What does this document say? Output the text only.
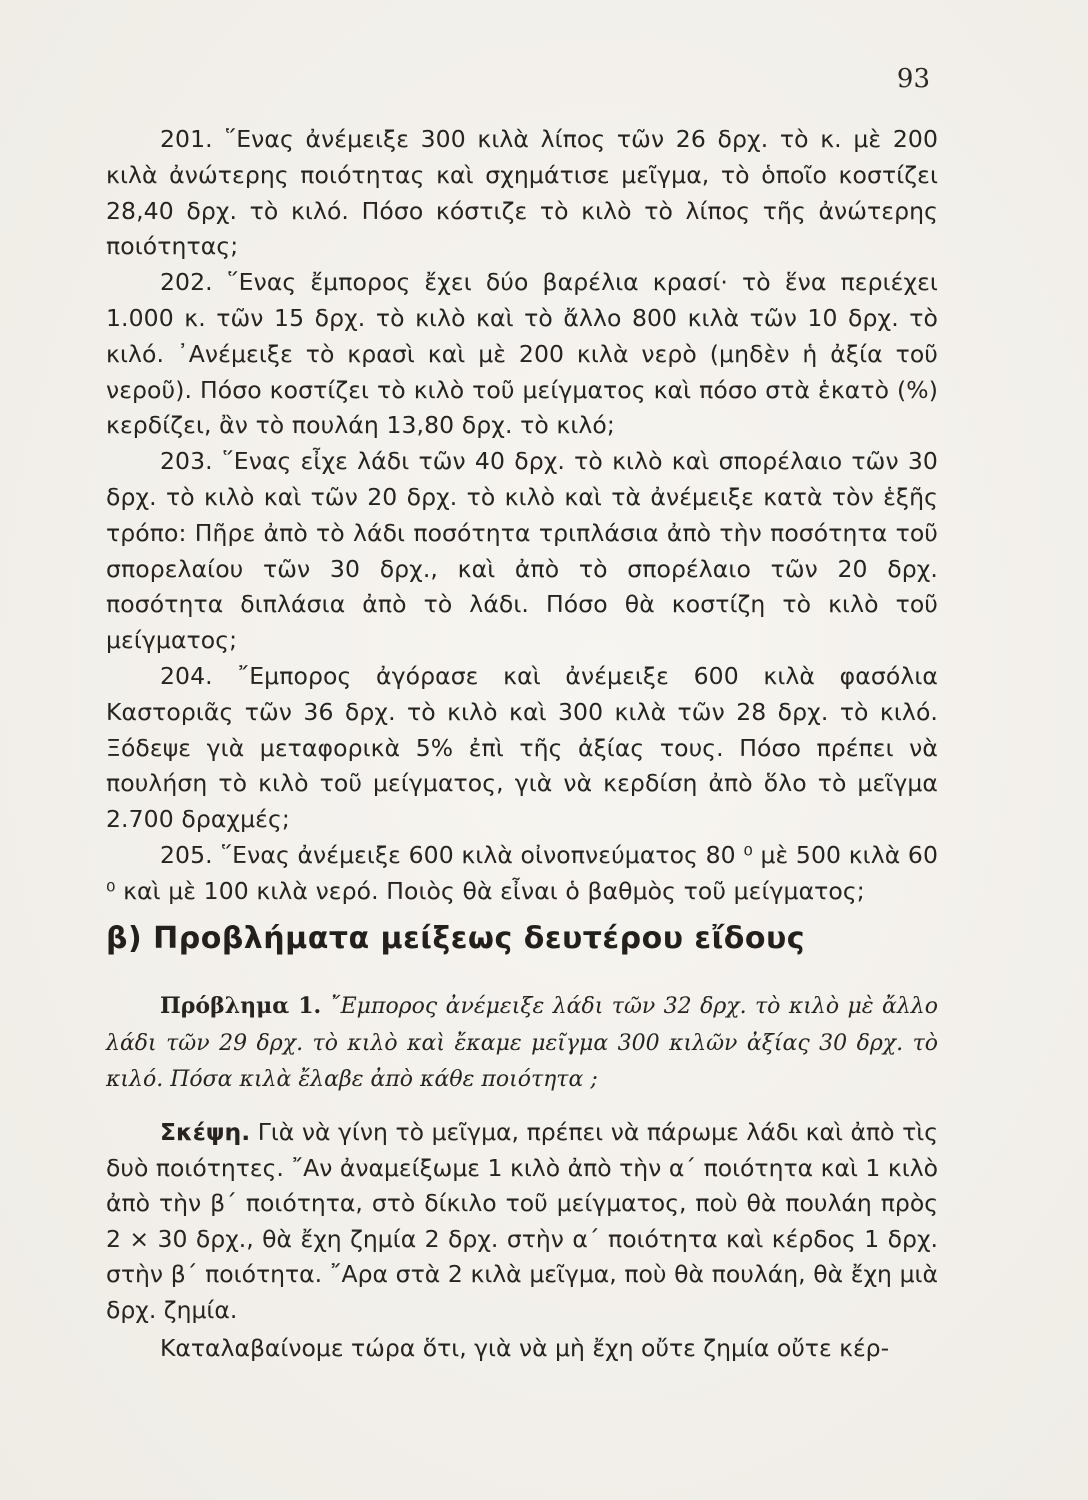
93

201. ῞Ενας ἀνέμειξε 300 κιλὰ λίπος τῶν 26 δρχ. τὸ κ. μὲ 200 κιλὰ ἀνώτερης ποιότητας καὶ σχημάτισε μεῖγμα, τὸ ὁποῖο κοστίζει 28,40 δρχ. τὸ κιλό. Πόσο κόστιζε τὸ κιλὸ τὸ λίπος τῆς ἀνώτερης ποιότητας;

202. ῞Ενας ἔμπορος ἔχει δύο βαρέλια κρασί· τὸ ἕνα περιέχει 1.000 κ. τῶν 15 δρχ. τὸ κιλὸ καὶ τὸ ἄλλο 800 κιλὰ τῶν 10 δρχ. τὸ κιλό. ᾿Ανέμειξε τὸ κρασὶ καὶ μὲ 200 κιλὰ νερὸ (μηδὲν ἡ ἀξία τοῦ νεροῦ). Πόσο κοστίζει τὸ κιλὸ τοῦ μείγματος καὶ πόσο στὰ ἑκατὸ (%) κερδίζει, ἂν τὸ πουλάη 13,80 δρχ. τὸ κιλό;

203. ῞Ενας εἶχε λάδι τῶν 40 δρχ. τὸ κιλὸ καὶ σπορέλαιο τῶν 30 δρχ. τὸ κιλὸ καὶ τῶν 20 δρχ. τὸ κιλὸ καὶ τὰ ἀνέμειξε κατὰ τὸν ἑξῆς τρόπο: Πῆρε ἀπὸ τὸ λάδι ποσότητα τριπλάσια ἀπὸ τὴν ποσότητα τοῦ σπορελαίου τῶν 30 δρχ., καὶ ἀπὸ τὸ σπορέλαιο τῶν 20 δρχ. ποσότητα διπλάσια ἀπὸ τὸ λάδι. Πόσο θὰ κοστίζη τὸ κιλὸ τοῦ μείγματος;

204. ῎Εμπορος ἀγόρασε καὶ ἀνέμειξε 600 κιλὰ φασόλια Καστοριᾶς τῶν 36 δρχ. τὸ κιλὸ καὶ 300 κιλὰ τῶν 28 δρχ. τὸ κιλό. Ξόδεψε γιὰ μεταφορικὰ 5% ἐπὶ τῆς ἀξίας τους. Πόσο πρέπει νὰ πουλήση τὸ κιλὸ τοῦ μείγματος, γιὰ νὰ κερδίση ἀπὸ ὅλο τὸ μεῖγμα 2.700 δραχμές;

205. ῞Ενας ἀνέμειξε 600 κιλὰ οἰνοπνεύματος 80 ⁰ μὲ 500 κιλὰ 60 ⁰ καὶ μὲ 100 κιλὰ νερό. Ποιὸς θὰ εἶναι ὁ βαθμὸς τοῦ μείγματος;

β) Προβλήματα μείξεως δευτέρου εἴδους

Πρόβλημα 1. ῎Εμπορος ἀνέμειξε λάδι τῶν 32 δρχ. τὸ κιλὸ μὲ ἄλλο λάδι τῶν 29 δρχ. τὸ κιλὸ καὶ ἔκαμε μεῖγμα 300 κιλῶν ἀξίας 30 δρχ. τὸ κιλό. Πόσα κιλὰ ἔλαβε ἀπὸ κάθε ποιότητα ;

Σκέψη. Γιὰ νὰ γίνη τὸ μεῖγμα, πρέπει νὰ πάρωμε λάδι καὶ ἀπὸ τὶς δυὸ ποιότητες. ῎Αν ἀναμείξωμε 1 κιλὸ ἀπὸ τὴν α΄ ποιότητα καὶ 1 κιλὸ ἀπὸ τὴν β΄ ποιότητα, στὸ δίκιλο τοῦ μείγματος, ποὺ θὰ πουλάη πρὸς 2 × 30 δρχ., θὰ ἔχη ζημία 2 δρχ. στὴν α΄ ποιότητα καὶ κέρδος 1 δρχ. στὴν β΄ ποιότητα. ῎Αρα στὰ 2 κιλὰ μεῖγμα, ποὺ θὰ πουλάη, θὰ ἔχη μιὰ δρχ. ζημία.

Καταλαβαίνομε τώρα ὅτι, γιὰ νὰ μὴ ἔχη οὔτε ζημία οὔτε κέρ-
